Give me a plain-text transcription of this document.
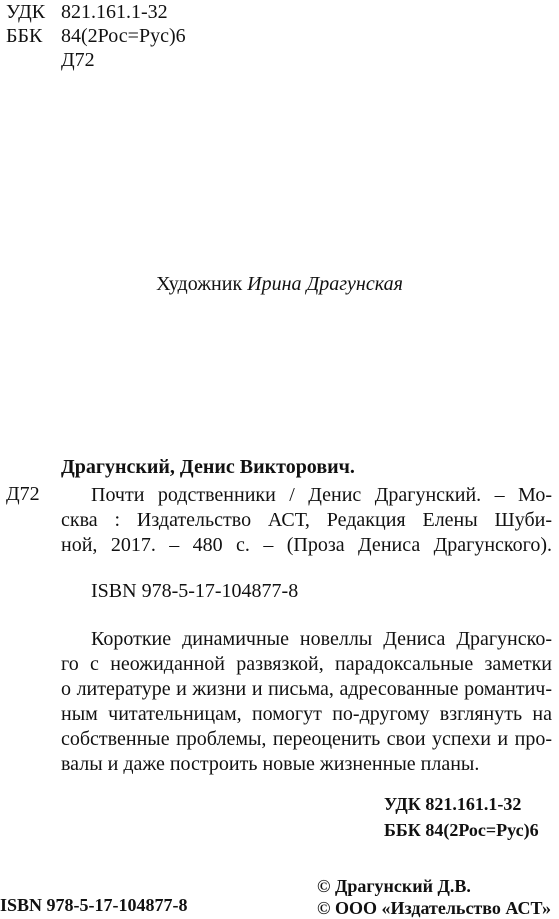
УДК 821.161.1-32
ББК 84(2Рос=Рус)6
Д72
Художник Ирина Драгунская
Драгунский, Денис Викторович.
Д72	Почти родственники / Денис Драгунский. – Мо-
сква : Издательство АСТ, Редакция Елены Шуби-
ной, 2017. – 480 с. – (Проза Дениса Драгунского).
ISBN 978-5-17-104877-8
Короткие динамичные новеллы Дениса Драгунско-
го с неожиданной развязкой, парадоксальные заметки
о литературе и жизни и письма, адресованные романтич-
ным читательницам, помогут по-другому взглянуть на
собственные проблемы, переоценить свои успехи и про-
валы и даже построить новые жизненные планы.
УДК 821.161.1-32
ББК 84(2Рос=Рус)6
ISBN 978-5-17-104877-8
© Драгунский Д.В.
© ООО «Издательство АСТ»
